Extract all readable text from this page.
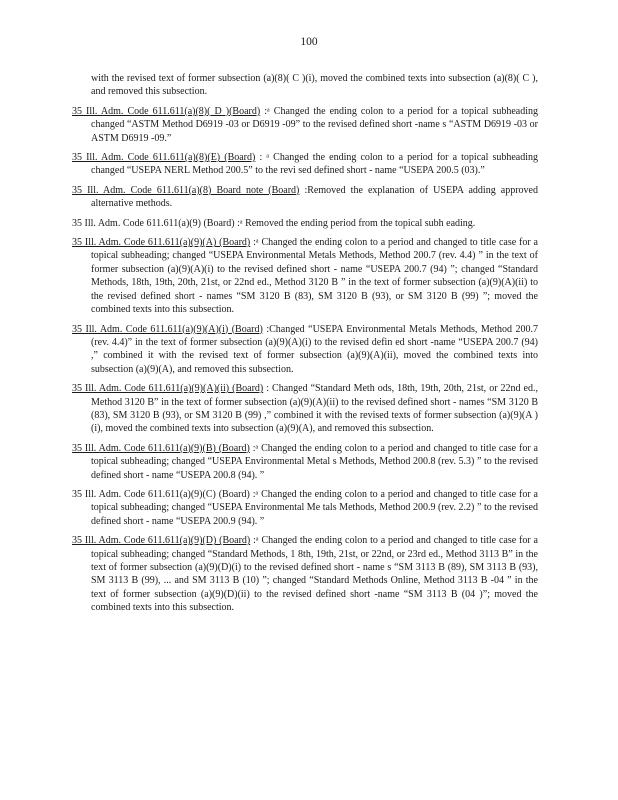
100

with the revised text of former subsection (a)(8)( C )(i), moved the combined texts into subsection (a)(8)( C ), and removed this subsection.

35 Ill. Adm. Code 611.611(a)(8)( D )(Board) :ᵃ Changed the ending colon to a period for a topical subheading changed “ASTM Method D6919 -03 or D6919 -09” to the revised defined short -name s “ASTM D6919 -03 or ASTM D6919 -09.”

35 Ill. Adm. Code 611.611(a)(8)(E) (Board) : ᵃ Changed the ending colon to a period for a topical subheading changed “USEPA NERL Method 200.5” to the revi sed defined short - name “USEPA 200.5 (03).”

35 Ill. Adm. Code 611.611(a)(8) Board note (Board) :Removed the explanation of USEPA adding approved alternative methods.

35 Ill. Adm. Code 611.611(a)(9) (Board) :ᵃ Removed the ending period from the topical subh eading.

35 Ill. Adm. Code 611.611(a)(9)(A) (Board) :ᵃ Changed the ending colon to a period and changed to title case for a topical subheading; changed “USEPA Environmental Metals Methods, Method 200.7 (rev. 4.4) ” in the text of former subsection (a)(9)(A)(i) to the revised defined short - name “USEPA 200.7 (94) ”; changed “Standard Methods, 18th, 19th, 20th, 21st, or 22nd ed., Method 3120 B ” in the text of former subsection (a)(9)(A)(ii) to the revised defined short - names “SM 3120 B (83), SM 3120 B (93), or SM 3120 B (99) ”; moved the combined texts into this subsection.

35 Ill. Adm. Code 611.611(a)(9)(A)(i) (Board) :Changed “USEPA Environmental Metals Methods, Method 200.7 (rev. 4.4)” in the text of former subsection (a)(9)(A)(i) to the revised defin ed short -name “USEPA 200.7 (94) ,” combined it with the revised text of former subsection (a)(9)(A)(ii), moved the combined texts into subsection (a)(9)(A), and removed this subsection.

35 Ill. Adm. Code 611.611(a)(9)(A)(ii) (Board) : Changed “Standard Meth ods, 18th, 19th, 20th, 21st, or 22nd ed., Method 3120 B” in the text of former subsection (a)(9)(A)(ii) to the revised defined short - names “SM 3120 B (83), SM 3120 B (93), or SM 3120 B (99) ,” combined it with the revised texts of former subsection (a)(9)(A )(i), moved the combined texts into subsection (a)(9)(A), and removed this subsection.

35 Ill. Adm. Code 611.611(a)(9)(B) (Board) :ᵃ Changed the ending colon to a period and changed to title case for a topical subheading; changed “USEPA Environmental Metal s Methods, Method 200.8 (rev. 5.3) ” to the revised defined short - name “USEPA 200.8 (94). ”

35 Ill. Adm. Code 611.611(a)(9)(C) (Board) :ᵃ Changed the ending colon to a period and changed to title case for a topical subheading; changed “USEPA Environmental Me tals Methods, Method 200.9 (rev. 2.2) ” to the revised defined short - name “USEPA 200.9 (94). ”

35 Ill. Adm. Code 611.611(a)(9)(D) (Board) :ᵃ Changed the ending colon to a period and changed to title case for a topical subheading; changed “Standard Methods, 1 8th, 19th, 21st, or 22nd, or 23rd ed., Method 3113 B” in the text of former subsection (a)(9)(D)(i) to the revised defined short - name s “SM 3113 B (89), SM 3113 B (93), SM 3113 B (99), ... and SM 3113 B (10) ”; changed “Standard Methods Online, Method 3113 B -04 ” in the text of former subsection (a)(9)(D)(ii) to the revised defined short -name “SM 3113 B (04 )”; moved the combined texts into this subsection.
